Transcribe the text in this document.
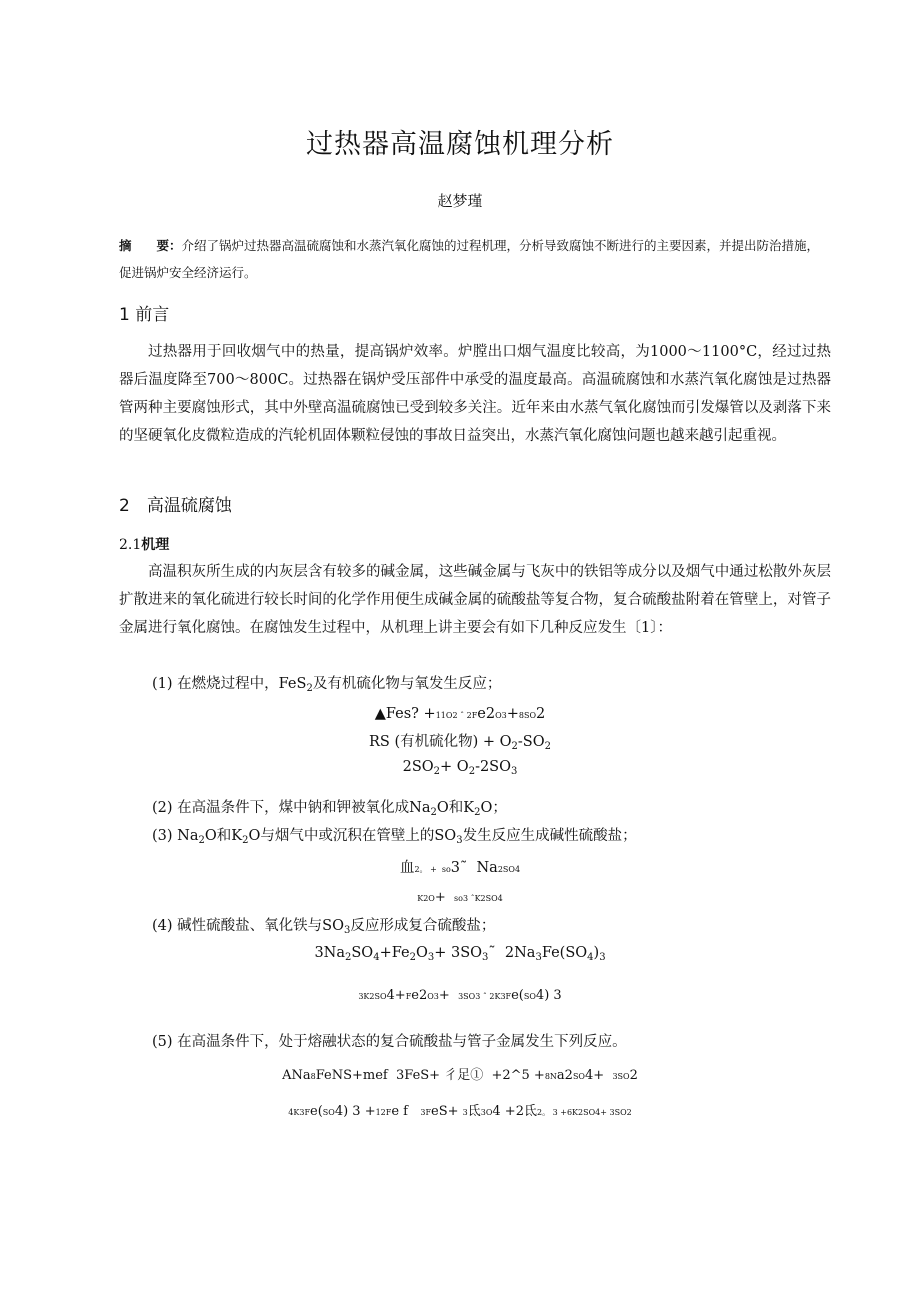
过热器高温腐蚀机理分析
赵梦瑾
摘　　要：介绍了锅炉过热器高温硫腐蚀和水蒸汽氧化腐蚀的过程机理，分析导致腐蚀不断进行的主要因素，并提出防治措施，促进锅炉安全经济运行。
1 前言
过热器用于回收烟气中的热量，提高锅炉效率。炉膛出口烟气温度比较高，为1000～1100°C，经过过热器后温度降至700～800C。过热器在锅炉受压部件中承受的温度最高。高温硫腐蚀和水蒸汽氧化腐蚀是过热器管两种主要腐蚀形式，其中外壁高温硫腐蚀已受到较多关注。近年来由水蒸气氧化腐蚀而引发爆管以及剥落下来的坚硬氧化皮微粒造成的汽轮机固体颗粒侵蚀的事故日益突出，水蒸汽氧化腐蚀问题也越来越引起重视。
2　高温硫腐蚀
2.1机理
高温积灰所生成的内灰层含有较多的碱金属，这些碱金属与飞灰中的铁铝等成分以及烟气中通过松散外灰层扩散进来的氧化硫进行较长时间的化学作用便生成碱金属的硫酸盐等复合物，复合硫酸盐附着在管壁上，对管子金属进行氧化腐蚀。在腐蚀发生过程中，从机理上讲主要会有如下几种反应发生〔1〕：
(1) 在燃烧过程中，FeS$_2$及有机硫化物与氧发生反应；
▲Fes? +11O2 ˆ 2Fe2O3+8SO2
RS (有机硫化物) + $O_2-SO_2$
$2SO_2+ O_2-2SO_3$
(2) 在高温条件下，煤中钠和钾被氧化成$Na_2O$和$K_2O$；
(3) $Na_2O$和$K_2O$与烟气中或沉积在管壁上的$SO_3$发生反应生成碱性硫酸盐；
血2。 +  so3˜  Na2SO4
K2O+  so3 ˆK2SO4
(4) 碱性硫酸盐、氧化铁与$SO_3$反应形成复合硫酸盐；
$3Na_2SO_4+Fe_2O_3+$ $3SO_3˜$  $2Na_3Fe(SO_4)_3$
3K2SO4+Fe2O3+  3SO3 ˆ 2K3Fe(SO4) 3
(5) 在高温条件下，处于熔融状态的复合硫酸盐与管子金属发生下列反应。
ANa8FeNS+mef  3FeS+ 彳足①  +2^5 +8Na2SO4+  3SO2
4K3Fe(SO4) 3 +12Fe f   3FeS+ 3氐3O4 +2氐2。 3 +6K2SO4+ 3SO2
